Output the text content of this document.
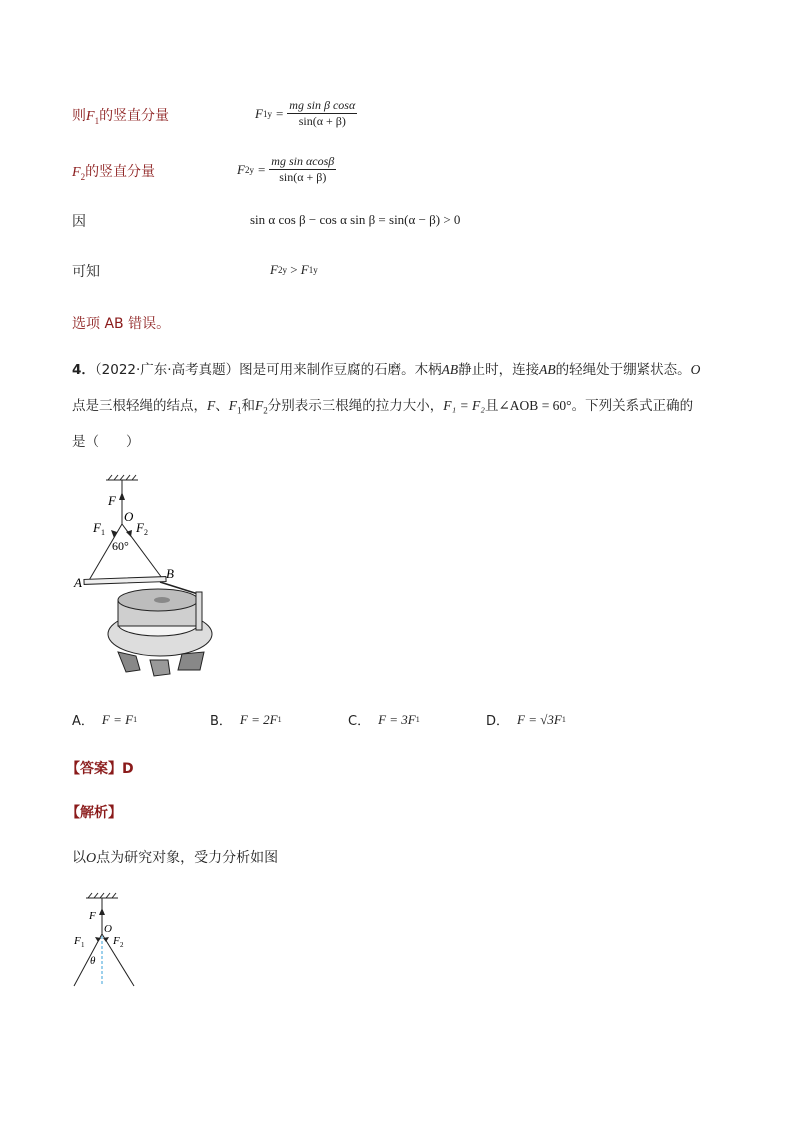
则$F_1$的竖直分量	F $1y = \frac{\text{mg sin β cosα}}{\sin(\alpha + \beta)}$
$F_2$的竖直分量	F $2y = \frac{\text{mg sin αcosβ}}{\sin(\alpha + \beta)}$
因	sin α cos β − cos α sin β = sin(α − β) > 0
可知	F 2y > F 1y
选项 AB 错误。
4．（2022·广东·高考真题）图是可用来制作豆腐的石磨。木柄AB静止时，连接AB的轻绳处于绷紧状态。O
点是三根轻绳的结点，F、$F_1$和$F_2$分别表示三根绳的拉力大小，F₁ = F₂且∠AOB = 60°。下列关系式正确的
是（　　）
F
O
F 1 F 2
60°
A
B
A． F = F 1	B． F = 2F 1	C． F = 3F 1	D． F = √3F 1
【答案】D
【解析】
以O点为研究对象，受力分析如图
F
O
F 1	F 2
θ
